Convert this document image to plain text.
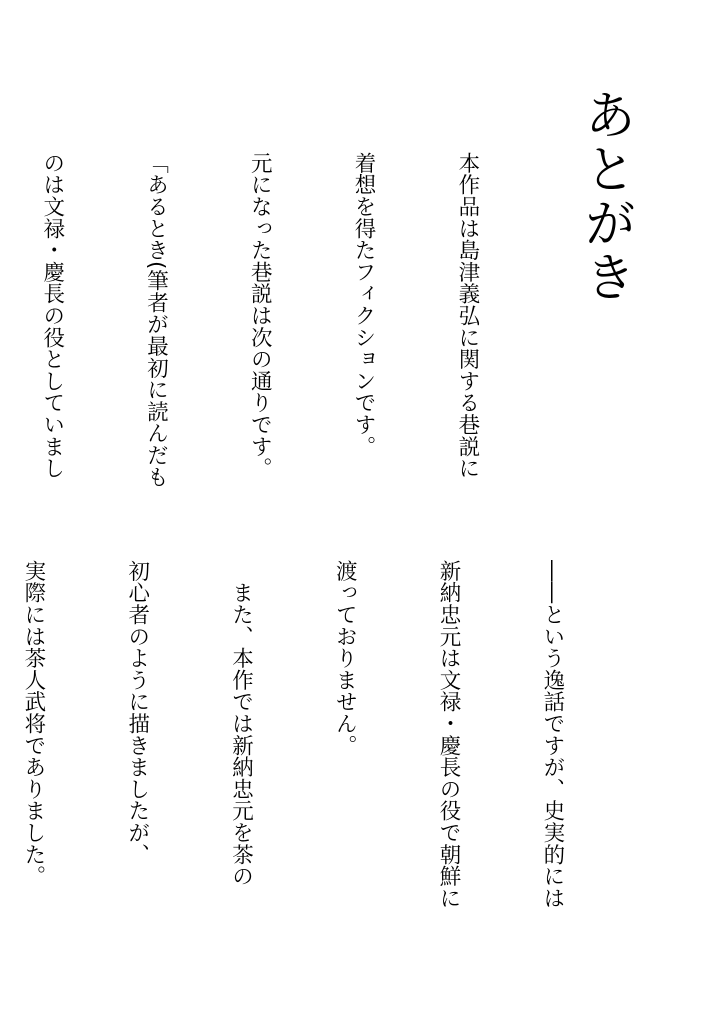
あとがき

本作品は島津義弘に関する巷説に

着想を得たフィクションです。

元になった巷説は次の通りです。

「あるとき(筆者が最初に読んだも

のは文禄・慶長の役としていまし

――という逸話ですが、史実的には

新納忠元は文禄・慶長の役で朝鮮に

渡っておりません。

　また、本作では新納忠元を茶の

初心者のように描きましたが、

実際には茶人武将でありました。
